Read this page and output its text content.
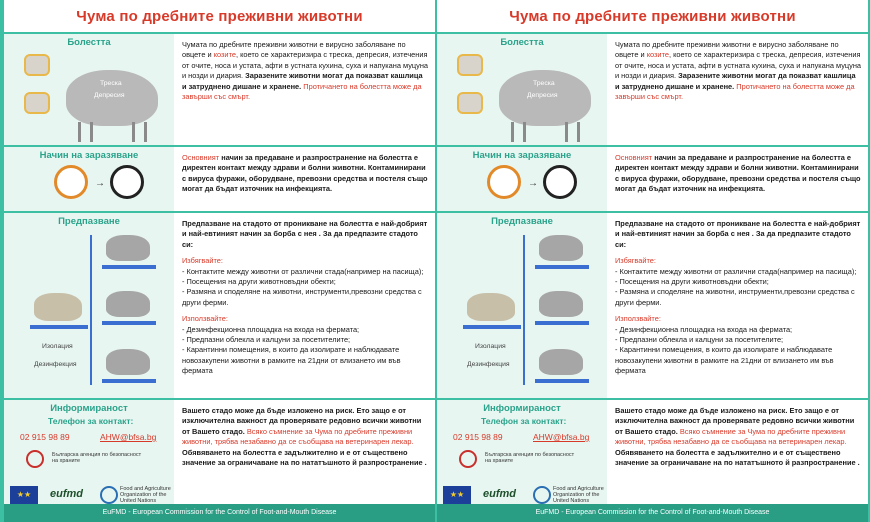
Чума по дребните преживни животни
Болестта
Треска
Депресия
Чумата по дребните преживни животни е вирусно заболяване по овцете и козите, което се характеризира с треска, депресия, изтечения от очите, носа и устата, афти в устната кухина, суха и напукана муцуна и нозди и диария. Заразените животни могат да показват кашлица и затруднено дишане и хранене. Протичането на болестта може да завърши със смърт.
Начин на заразяване
→
Основният начин за предаване и разпространение на болестта е директен контакт между здрави и болни животни. Контаминирани с вируса фуражи, оборудване, превозни средства и постеля също могат да бъдат източник на инфекцията.
Предпазване
Изолация
Дезинфекция
Предпазване на стадото от проникване на болестта е най-добрият и най-евтиният начин за борба с нея . За да предпазите стадото си:
Избягвайте:
- Контактите между животни от различни стада(например на пасища);
- Посещения на други животновъдни обекти;
- Размяна и споделяне на животни, инструменти,превозни средства с други ферми.
Използвайте:
- Дезинфекционна площадка на входа на фермата;
- Предпазни облекла и калцуни за посетителите;
- Карантинни помещения, в които да изолирате и наблюдавате новозакупени животни в рамките на 21дни от влизането им във фермата
Информираност
Телефон за контакт:
02 915 98 89	AHW@bfsa.bg
Българска агенция по безопасност на храните
★★	eufmd	Food and Agriculture Organization of the United Nations
Вашето стадо може да бъде изложено на риск. Ето защо е от изключителна важност да проверявате редовно всички животни от Вашето стадо. Всяко съмнение за Чума по дребните преживни животни, трябва незабавно да се съобщава на ветеринарен лекар. Обявяването на болестта е задължително и е от съществено значение за ограничаване на по нататъшното й разпространение .
EuFMD - European Commission for the Control of Foot-and-Mouth Disease
Чума по дребните преживни животни
Болестта
Треска
Депресия
Чумата по дребните преживни животни е вирусно заболяване по овцете и козите, което се характеризира с треска, депресия, изтечения от очите, носа и устата, афти в устната кухина, суха и напукана муцуна и нозди и диария. Заразените животни могат да показват кашлица и затруднено дишане и хранене. Протичането на болестта може да завърши със смърт.
Начин на заразяване
→
Основният начин за предаване и разпространение на болестта е директен контакт между здрави и болни животни. Контаминирани с вируса фуражи, оборудване, превозни средства и постеля също могат да бъдат източник на инфекцията.
Предпазване
Изолация
Дезинфекция
Предпазване на стадото от проникване на болестта е най-добрият и най-евтиният начин за борба с нея . За да предпазите стадото си:
Избягвайте:
- Контактите между животни от различни стада(например на пасища);
- Посещения на други животновъдни обекти;
- Размяна и споделяне на животни, инструменти,превозни средства с други ферми.
Използвайте:
- Дезинфекционна площадка на входа на фермата;
- Предпазни облекла и калцуни за посетителите;
- Карантинни помещения, в които да изолирате и наблюдавате новозакупени животни в рамките на 21дни от влизането им във фермата
Информираност
Телефон за контакт:
02 915 98 89	AHW@bfsa.bg
Българска агенция по безопасност на храните
★★	eufmd	Food and Agriculture Organization of the United Nations
Вашето стадо може да бъде изложено на риск. Ето защо е от изключителна важност да проверявате редовно всички животни от Вашето стадо. Всяко съмнение за Чума по дребните преживни животни, трябва незабавно да се съобщава на ветеринарен лекар. Обявяването на болестта е задължително и е от съществено значение за ограничаване на по нататъшното й разпространение .
EuFMD - European Commission for the Control of Foot-and-Mouth Disease
